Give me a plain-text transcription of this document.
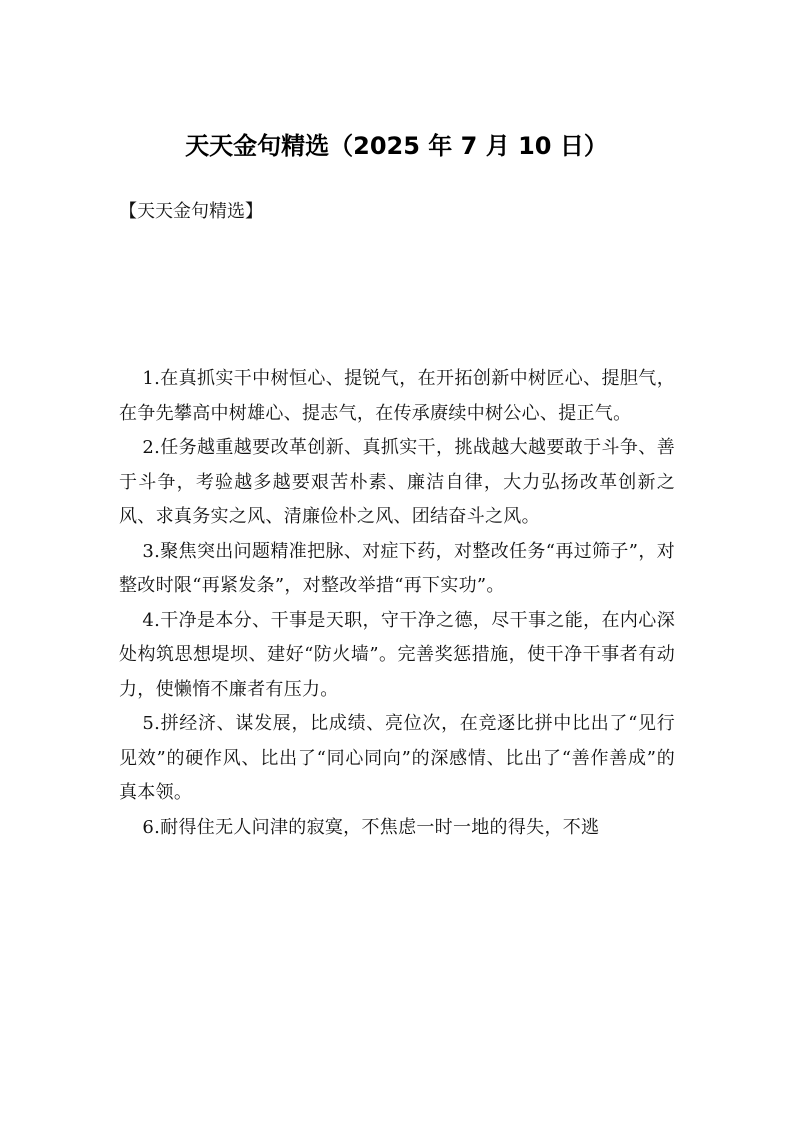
天天金句精选（2025 年 7 月 10 日）

【天天金句精选】

1.在真抓实干中树恒心、提锐气，在开拓创新中树匠心、提胆气，在争先攀高中树雄心、提志气，在传承赓续中树公心、提正气。

2.任务越重越要改革创新、真抓实干，挑战越大越要敢于斗争、善于斗争，考验越多越要艰苦朴素、廉洁自律，大力弘扬改革创新之风、求真务实之风、清廉俭朴之风、团结奋斗之风。

3.聚焦突出问题精准把脉、对症下药，对整改任务“再过筛子”，对整改时限“再紧发条”，对整改举措“再下实功”。

4.干净是本分、干事是天职，守干净之德，尽干事之能，在内心深处构筑思想堤坝、建好“防火墙”。完善奖惩措施，使干净干事者有动力，使懒惰不廉者有压力。

5.拼经济、谋发展，比成绩、亮位次，在竞逐比拼中比出了“见行见效”的硬作风、比出了“同心同向”的深感情、比出了“善作善成”的真本领。

6.耐得住无人问津的寂寞，不焦虑一时一地的得失，不逃
